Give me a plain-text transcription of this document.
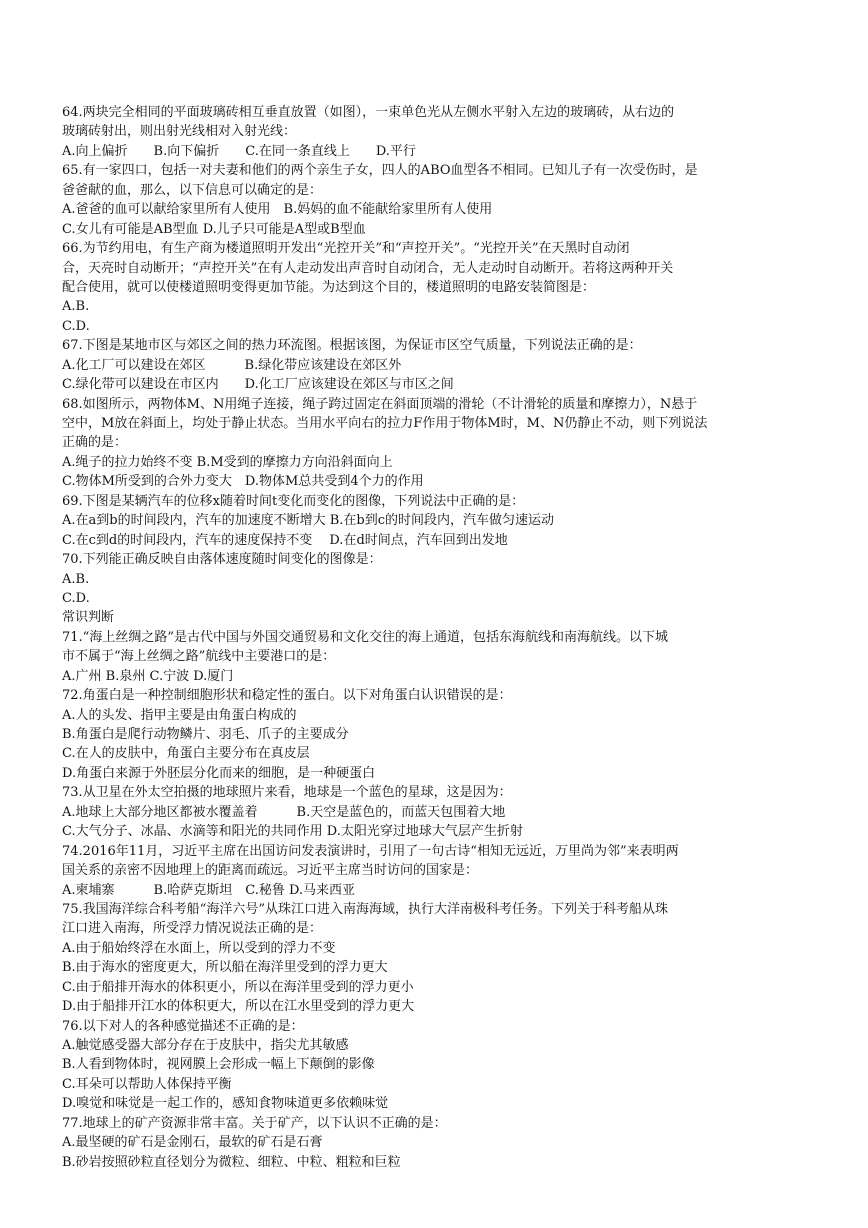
64.两块完全相同的平面玻璃砖相互垂直放置（如图），一束单色光从左侧水平射入左边的玻璃砖，从右边的
玻璃砖射出，则出射光线相对入射光线：
A.向上偏折　　B.向下偏折　　C.在同一条直线上　　D.平行
65.有一家四口，包括一对夫妻和他们的两个亲生子女，四人的ABO血型各不相同。已知儿子有一次受伤时，是
爸爸献的血，那么，以下信息可以确定的是：
A.爸爸的血可以献给家里所有人使用　B.妈妈的血不能献给家里所有人使用
C.女儿有可能是AB型血 D.儿子只可能是A型或B型血
66.为节约用电，有生产商为楼道照明开发出“光控开关”和“声控开关”。“光控开关”在天黑时自动闭
合，天亮时自动断开；“声控开关”在有人走动发出声音时自动闭合，无人走动时自动断开。若将这两种开关
配合使用，就可以使楼道照明变得更加节能。为达到这个目的，楼道照明的电路安装简图是：
A.B.
C.D.
67.下图是某地市区与郊区之间的热力环流图。根据该图，为保证市区空气质量，下列说法正确的是：
A.化工厂可以建设在郊区　　　B.绿化带应该建设在郊区外
C.绿化带可以建设在市区内　　D.化工厂应该建设在郊区与市区之间
68.如图所示，两物体M、N用绳子连接，绳子跨过固定在斜面顶端的滑轮（不计滑轮的质量和摩擦力），N悬于
空中，M放在斜面上，均处于静止状态。当用水平向右的拉力F作用于物体M时，M、N仍静止不动，则下列说法
正确的是：
A.绳子的拉力始终不变 B.M受到的摩擦力方向沿斜面向上
C.物体M所受到的合外力变大　D.物体M总共受到4个力的作用
69.下图是某辆汽车的位移x随着时间t变化而变化的图像，下列说法中正确的是：
A.在a到b的时间段内，汽车的加速度不断增大 B.在b到c的时间段内，汽车做匀速运动
C.在c到d的时间段内，汽车的速度保持不变　 D.在d时间点，汽车回到出发地
70.下列能正确反映自由落体速度随时间变化的图像是：
A.B.
C.D.
常识判断
71.“海上丝绸之路”是古代中国与外国交通贸易和文化交往的海上通道，包括东海航线和南海航线。以下城
市不属于“海上丝绸之路”航线中主要港口的是：
A.广州 B.泉州 C.宁波 D.厦门
72.角蛋白是一种控制细胞形状和稳定性的蛋白。以下对角蛋白认识错误的是：
A.人的头发、指甲主要是由角蛋白构成的
B.角蛋白是爬行动物鳞片、羽毛、爪子的主要成分
C.在人的皮肤中，角蛋白主要分布在真皮层
D.角蛋白来源于外胚层分化而来的细胞，是一种硬蛋白
73.从卫星在外太空拍摄的地球照片来看，地球是一个蓝色的星球，这是因为：
A.地球上大部分地区都被水覆盖着　　　B.天空是蓝色的，而蓝天包围着大地
C.大气分子、冰晶、水滴等和阳光的共同作用 D.太阳光穿过地球大气层产生折射
74.2016年11月，习近平主席在出国访问发表演讲时，引用了一句古诗“相知无远近，万里尚为邻”来表明两
国关系的亲密不因地理上的距离而疏远。习近平主席当时访问的国家是：
A.柬埔寨　　　B.哈萨克斯坦　C.秘鲁 D.马来西亚
75.我国海洋综合科考船“海洋六号”从珠江口进入南海海域，执行大洋南极科考任务。下列关于科考船从珠
江口进入南海，所受浮力情况说法正确的是：
A.由于船始终浮在水面上，所以受到的浮力不变
B.由于海水的密度更大，所以船在海洋里受到的浮力更大
C.由于船排开海水的体积更小，所以在海洋里受到的浮力更小
D.由于船排开江水的体积更大，所以在江水里受到的浮力更大
76.以下对人的各种感觉描述不正确的是：
A.触觉感受器大部分存在于皮肤中，指尖尤其敏感
B.人看到物体时，视网膜上会形成一幅上下颠倒的影像
C.耳朵可以帮助人体保持平衡
D.嗅觉和味觉是一起工作的，感知食物味道更多依赖味觉
77.地球上的矿产资源非常丰富。关于矿产，以下认识不正确的是：
A.最坚硬的矿石是金刚石，最软的矿石是石膏
B.砂岩按照砂粒直径划分为微粒、细粒、中粒、粗粒和巨粒
